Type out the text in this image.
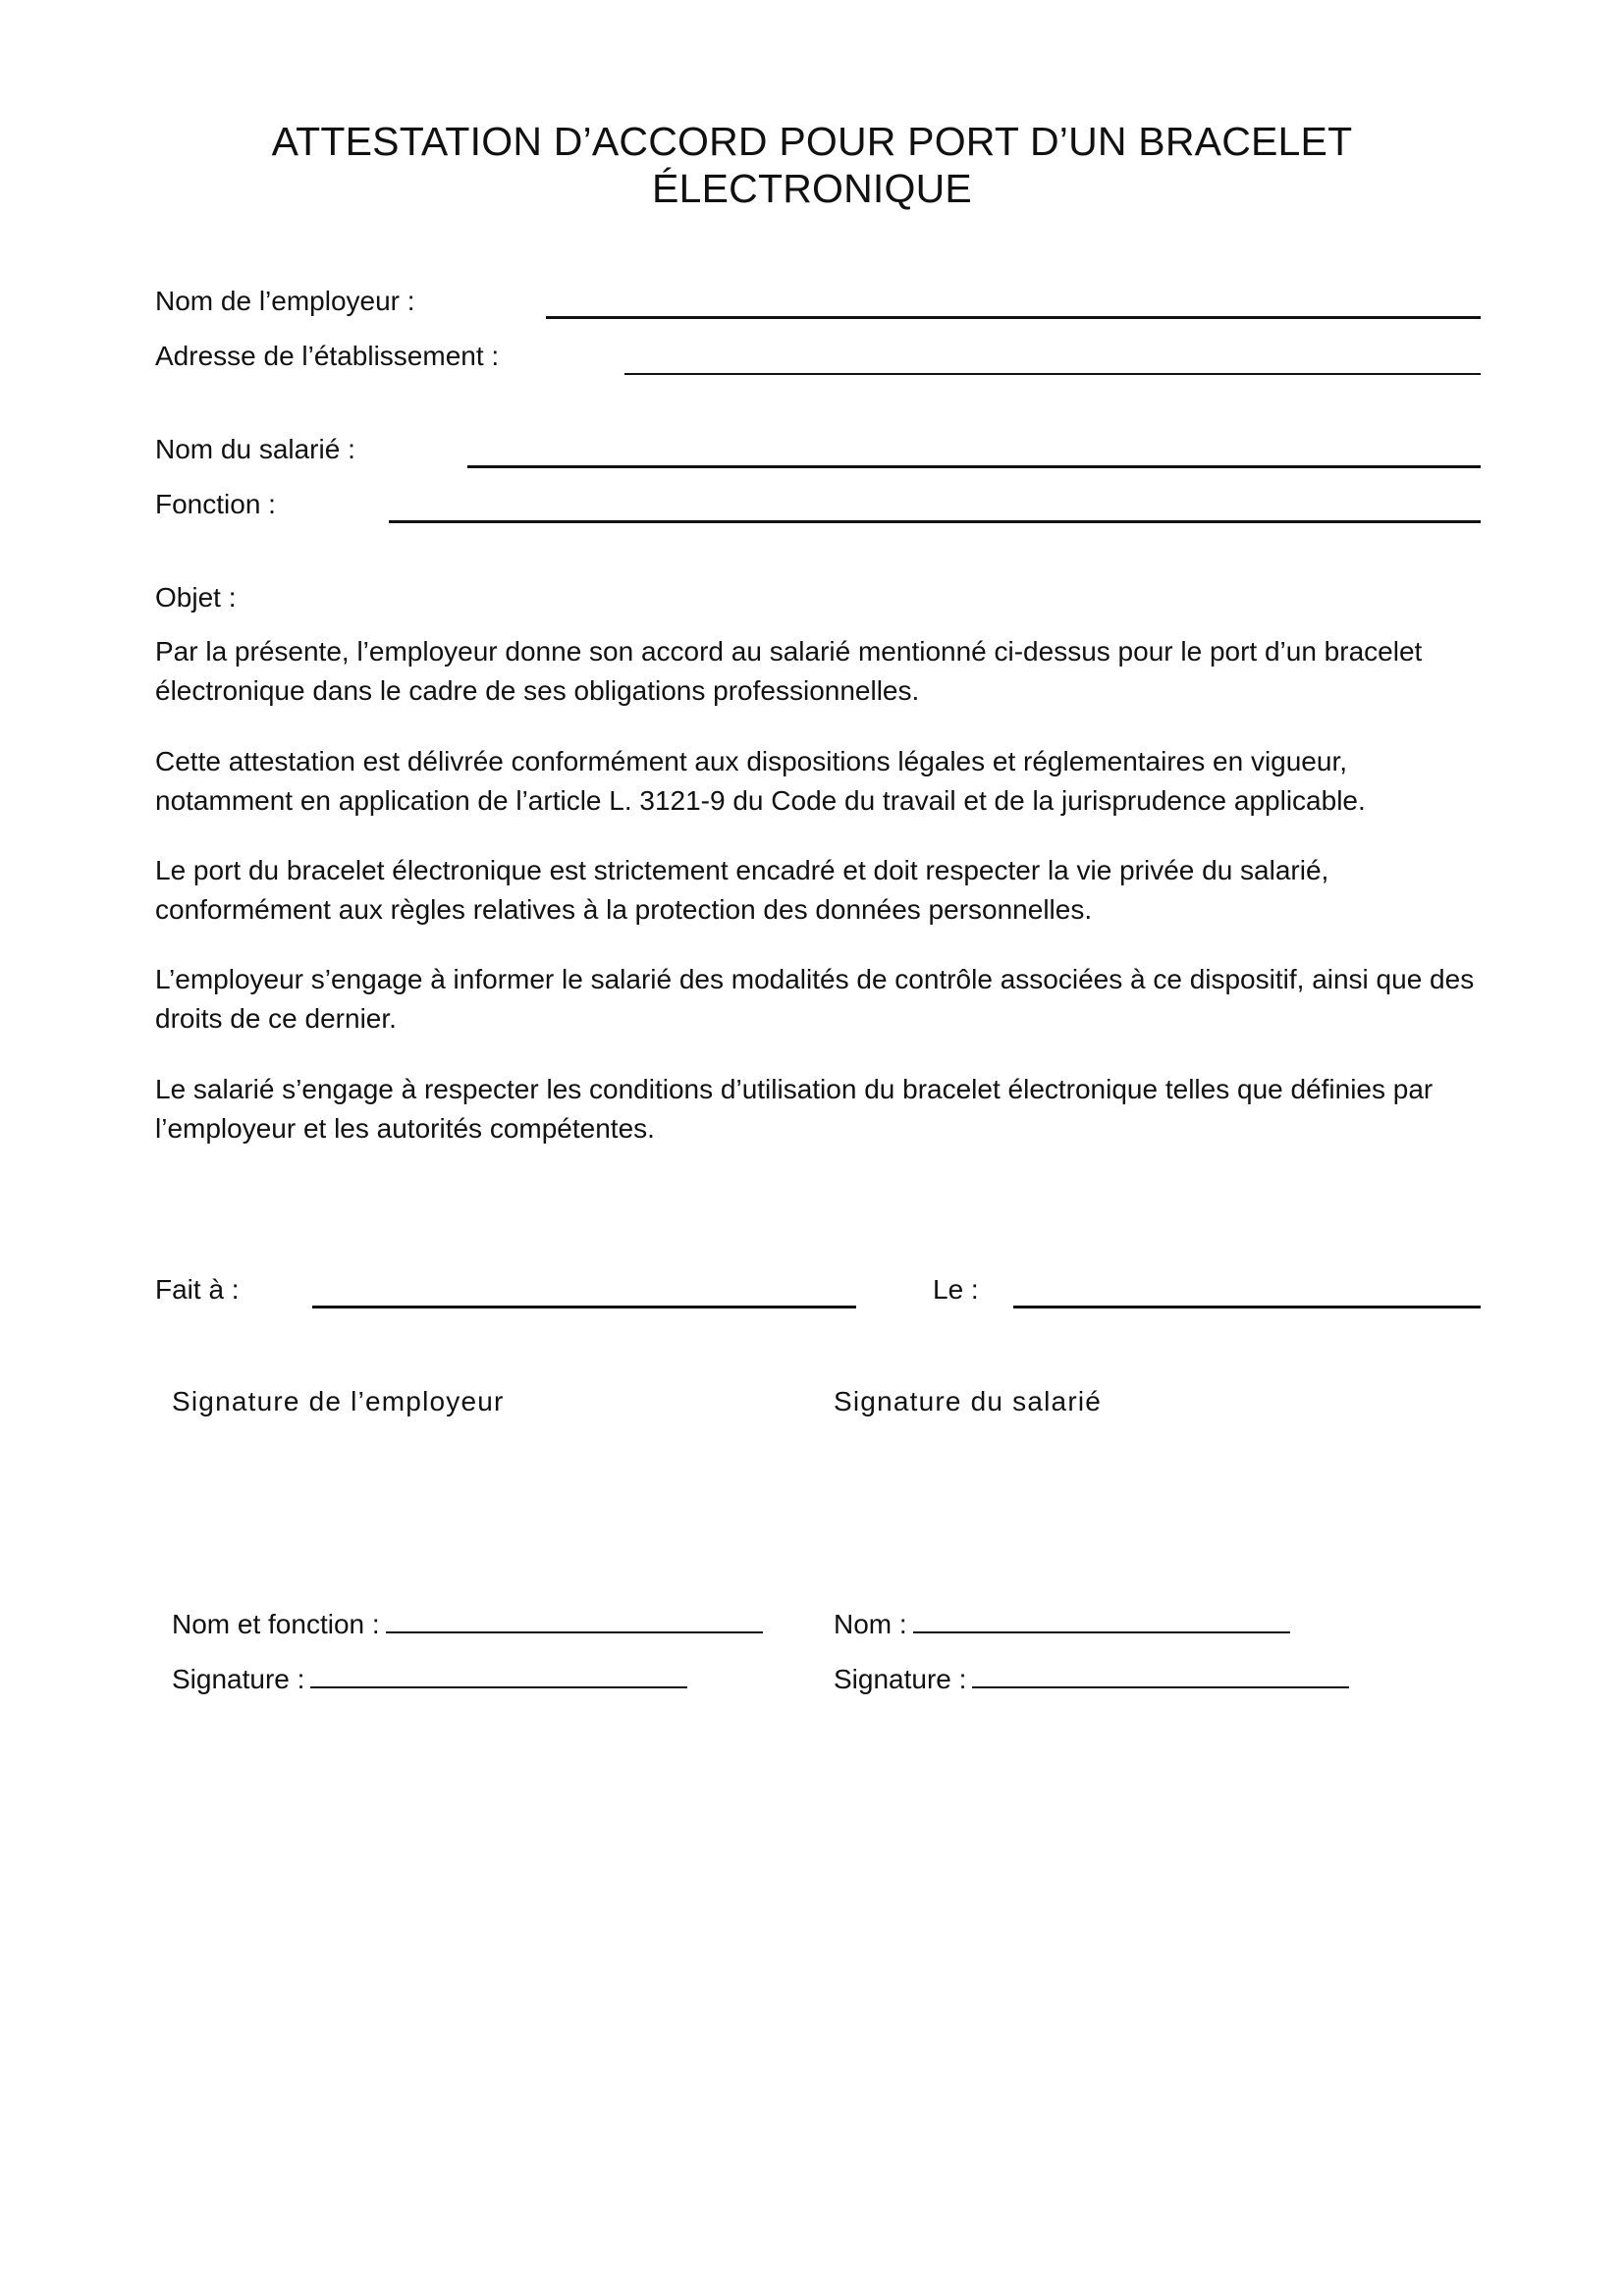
ATTESTATION D’ACCORD POUR PORT D’UN BRACELET
ÉLECTRONIQUE
Nom de l’employeur :
Adresse de l’établissement :
Nom du salarié :
Fonction :
Objet :

Par la présente, l’employeur donne son accord au salarié mentionné ci-dessus pour le port d’un bracelet électronique dans le cadre de ses obligations professionnelles.

Cette attestation est délivrée conformément aux dispositions légales et réglementaires en vigueur, notamment en application de l’article L. 3121-9 du Code du travail et de la jurisprudence applicable.

Le port du bracelet électronique est strictement encadré et doit respecter la vie privée du salarié, conformément aux règles relatives à la protection des données personnelles.

L’employeur s’engage à informer le salarié des modalités de contrôle associées à ce dispositif, ainsi que des droits de ce dernier.

Le salarié s’engage à respecter les conditions d’utilisation du bracelet électronique telles que définies par l’employeur et les autorités compétentes.

Fait à :	Le :
Signature de l’employeur	Signature du salarié
Nom et fonction :
Signature :
Nom :
Signature :
